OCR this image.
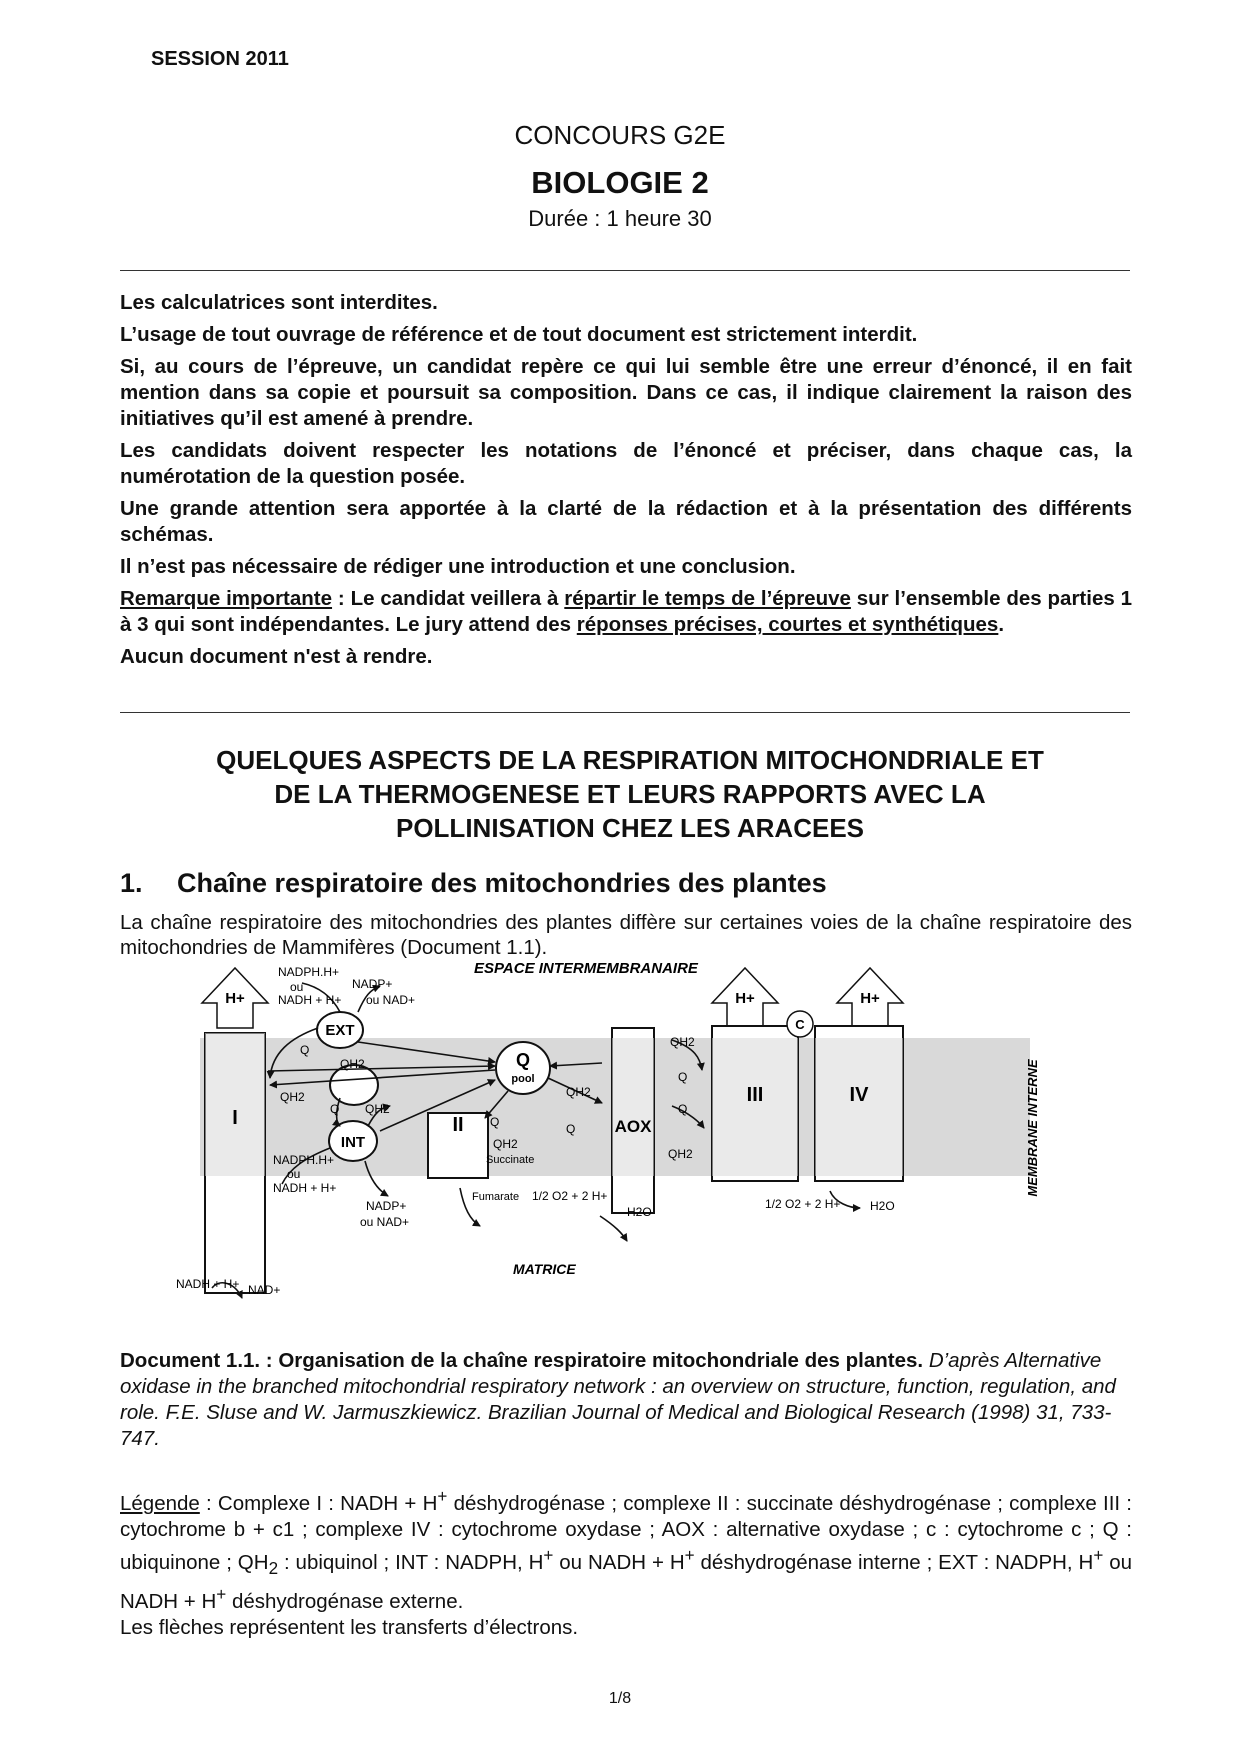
SESSION 2011
CONCOURS G2E
BIOLOGIE 2
Durée : 1 heure 30

Les calculatrices sont interdites.

L’usage de tout ouvrage de référence et de tout document est strictement interdit.

Si, au cours de l’épreuve, un candidat repère ce qui lui semble être une erreur d’énoncé, il en fait mention dans sa copie et poursuit sa composition. Dans ce cas, il indique clairement la raison des initiatives qu’il est amené à prendre.

Les candidats doivent respecter les notations de l’énoncé et préciser, dans chaque cas, la numérotation de la question posée.

Une grande attention sera apportée à la clarté de la rédaction et à la présentation des différents schémas.

Il n’est pas nécessaire de rédiger une introduction et une conclusion.

Remarque importante : Le candidat veillera à répartir le temps de l’épreuve sur l’ensemble des parties 1 à 3 qui sont indépendantes. Le jury attend des réponses précises, courtes et synthétiques.

Aucun document n'est à rendre.

QUELQUES ASPECTS DE LA RESPIRATION MITOCHONDRIALE ET
DE LA THERMOGENESE ET LEURS RAPPORTS AVEC LA
POLLINISATION CHEZ LES ARACEES
1. Chaîne respiratoire des mitochondries des plantes
La chaîne respiratoire des mitochondries des plantes diffère sur certaines voies de la chaîne respiratoire des mitochondries de Mammifères (Document 1.1).
H+	H+	H+
I	II	AOX
III	IV
C
EXT
INT
Q
pool
ESPACE INTERMEMBRANAIRE
MATRICE
MEMBRANE INTERNE
NADPH.H+
ou
NADH + H+
NADP+
ou NAD+
Q
QH2
QH2
Q QH2
NADPH.H+
ou
NADH + H+
NADP+
ou NAD+
Q
QH2
Succinate
Fumarate 1/2 O2 + 2 H+
H2O
QH2
Q
QH2
Q
Q
QH2
1/2 O2 + 2 H+ H2O
NADH + H+ NAD+
Document 1.1. : Organisation de la chaîne respiratoire mitochondriale des plantes. D’après Alternative oxidase in the branched mitochondrial respiratory network : an overview on structure, function, regulation, and role. F.E. Sluse and W. Jarmuszkiewicz. Brazilian Journal of Medical and Biological Research (1998) 31, 733-747.
Légende : Complexe I : NADH + H+ déshydrogénase ; complexe II : succinate déshydrogénase ; complexe III : cytochrome b + c1 ; complexe IV : cytochrome oxydase ; AOX : alternative oxydase ; c : cytochrome c ; Q : ubiquinone ; $QH_2$ : ubiquinol ; INT : NADPH, H+ ou NADH + H+ déshydrogénase interne ; EXT : NADPH, H+ ou NADH + H+ déshydrogénase externe.
Les flèches représentent les transferts d’électrons.
1/8
